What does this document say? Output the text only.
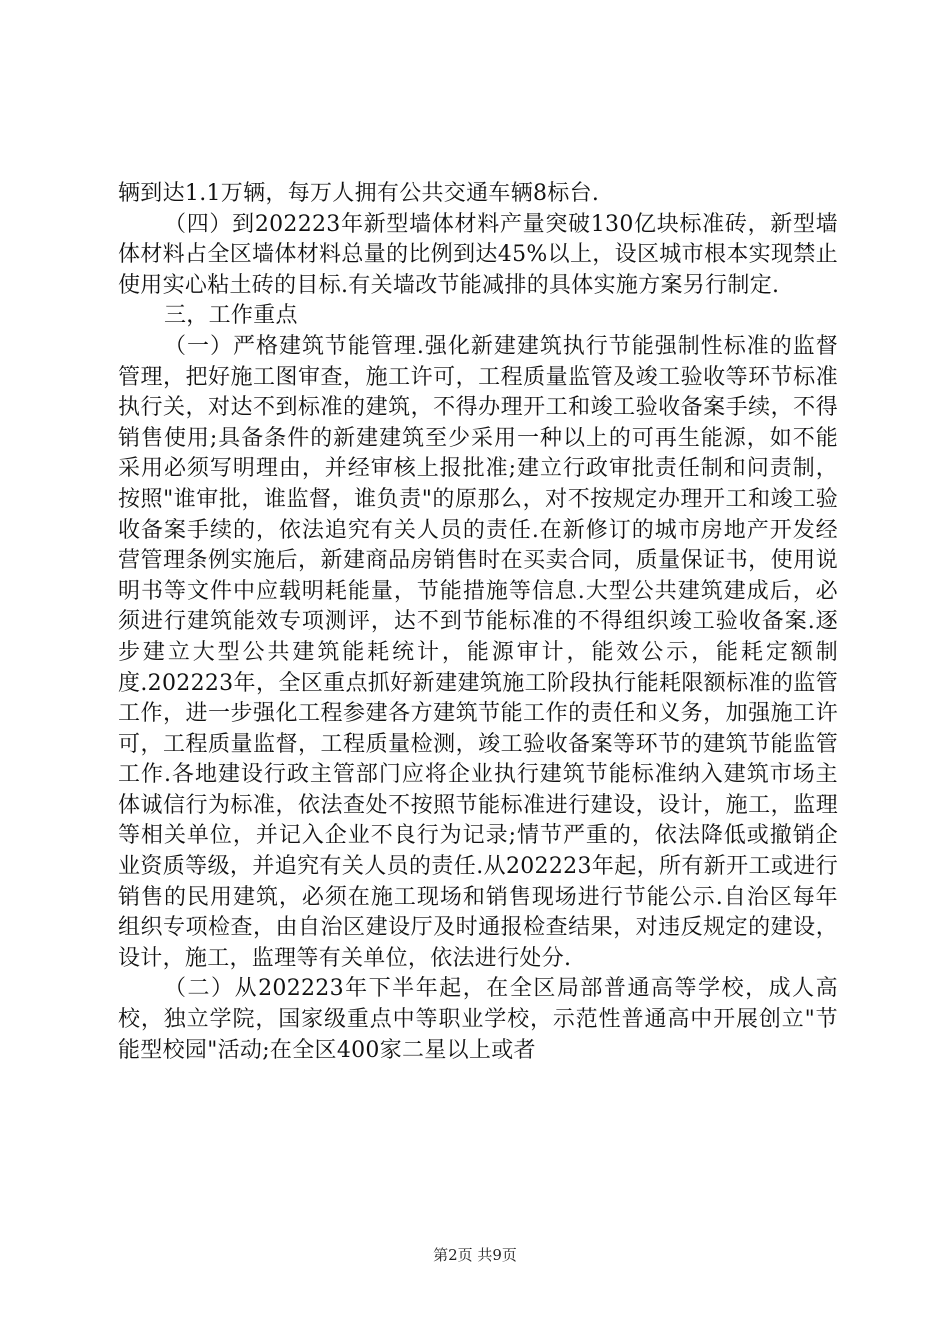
辆到达1.1万辆，每万人拥有公共交通车辆8标台.

（四）到202223年新型墙体材料产量突破130亿块标准砖，新型墙体材料占全区墙体材料总量的比例到达45%以上，设区城市根本实现禁止使用实心粘土砖的目标.有关墙改节能减排的具体实施方案另行制定.

三，工作重点

（一）严格建筑节能管理.强化新建建筑执行节能强制性标准的监督管理，把好施工图审查，施工许可，工程质量监管及竣工验收等环节标准执行关，对达不到标准的建筑，不得办理开工和竣工验收备案手续，不得销售使用;具备条件的新建建筑至少采用一种以上的可再生能源，如不能采用必须写明理由，并经审核上报批准;建立行政审批责任制和问责制，按照"谁审批，谁监督，谁负责"的原那么，对不按规定办理开工和竣工验收备案手续的，依法追究有关人员的责任.在新修订的城市房地产开发经营管理条例实施后，新建商品房销售时在买卖合同，质量保证书，使用说明书等文件中应载明耗能量，节能措施等信息.大型公共建筑建成后，必须进行建筑能效专项测评，达不到节能标准的不得组织竣工验收备案.逐步建立大型公共建筑能耗统计，能源审计，能效公示，能耗定额制度.202223年，全区重点抓好新建建筑施工阶段执行能耗限额标准的监管工作，进一步强化工程参建各方建筑节能工作的责任和义务，加强施工许可，工程质量监督，工程质量检测，竣工验收备案等环节的建筑节能监管工作.各地建设行政主管部门应将企业执行建筑节能标准纳入建筑市场主体诚信行为标准，依法查处不按照节能标准进行建设，设计，施工，监理等相关单位，并记入企业不良行为记录;情节严重的，依法降低或撤销企业资质等级，并追究有关人员的责任.从202223年起，所有新开工或进行销售的民用建筑，必须在施工现场和销售现场进行节能公示.自治区每年组织专项检查，由自治区建设厅及时通报检查结果，对违反规定的建设，设计，施工，监理等有关单位，依法进行处分.

（二）从202223年下半年起，在全区局部普通高等学校，成人高校，独立学院，国家级重点中等职业学校，示范性普通高中开展创立"节能型校园"活动;在全区400家二星以上或者

第2页 共9页
